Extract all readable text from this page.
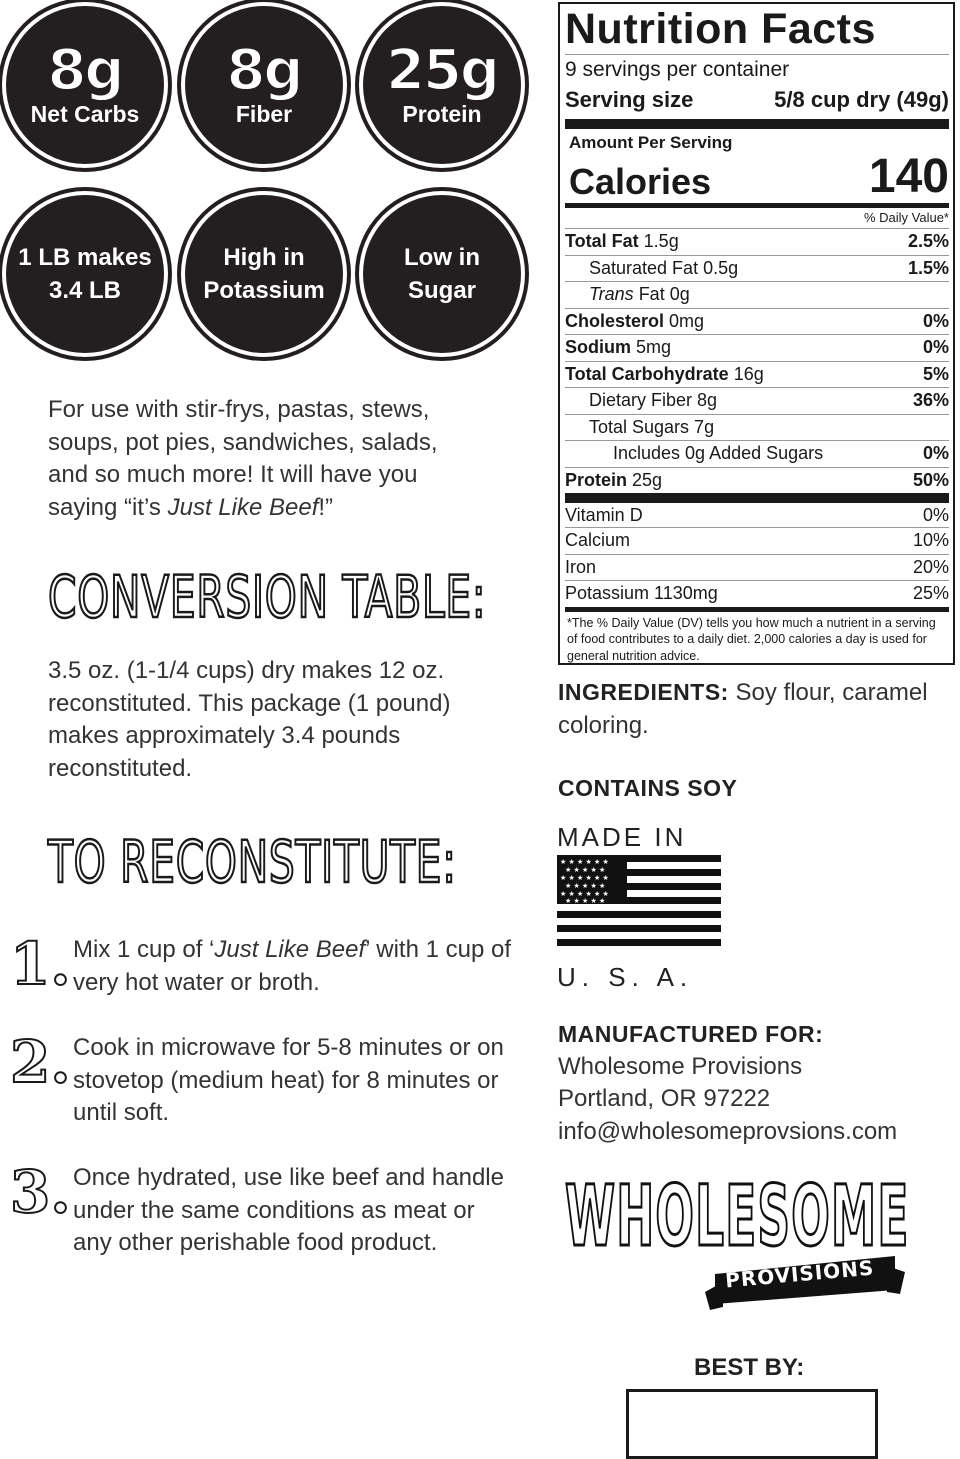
8g
Net Carbs
8g
Fiber
25g
Protein
1 LB makes
3.4 LB
High in
Potassium
Low in
Sugar
For use with stir-frys, pastas, stews,
soups, pot pies, sandwiches, salads,
and so much more! It will have you
saying “it’s Just Like Beef!”
CONVERSION TABLE:
3.5 oz. (1-1/4 cups) dry makes 12 oz. reconstituted. This package (1 pound) makes approximately 3.4 pounds reconstituted.
TO RECONSTITUTE:
1. Mix 1 cup of ‘Just Like Beef’ with 1 cup of very hot water or broth.
2. Cook in microwave for 5-8 minutes or on stovetop (medium heat) for 8 minutes or until soft.
3. Once hydrated, use like beef and handle under the same conditions as meat or any other perishable food product.
Nutrition Facts
9 servings per container
Serving size	5/8 cup dry (49g)
Amount Per Serving
Calories	140
% Daily Value*
Total Fat 1.5g	2.5%
Saturated Fat 0.5g	1.5%
Trans Fat 0g
Cholesterol 0mg	0%
Sodium 5mg	0%
Total Carbohydrate 16g	5%
Dietary Fiber 8g	36%
Total Sugars 7g
Includes 0g Added Sugars	0%
Protein 25g	50%
Vitamin D	0%
Calcium	10%
Iron	20%
Potassium 1130mg	25%
*The % Daily Value (DV) tells you how much a nutrient in a serving of food contributes to a daily diet. 2,000 calories a day is used for general nutrition advice.
INGREDIENTS: Soy flour, caramel coloring.
CONTAINS SOY
MADE IN
★ ★ ★ ★ ★ ★
★ ★ ★ ★ ★
★ ★ ★ ★ ★ ★
★ ★ ★ ★ ★
★ ★ ★ ★ ★ ★
★ ★ ★ ★ ★
U. S. A.
MANUFACTURED FOR:
Wholesome Provisions
Portland, OR 97222
info@wholesomeprovsions.com
WHOLESOME
PROVISIONS
BEST BY:
